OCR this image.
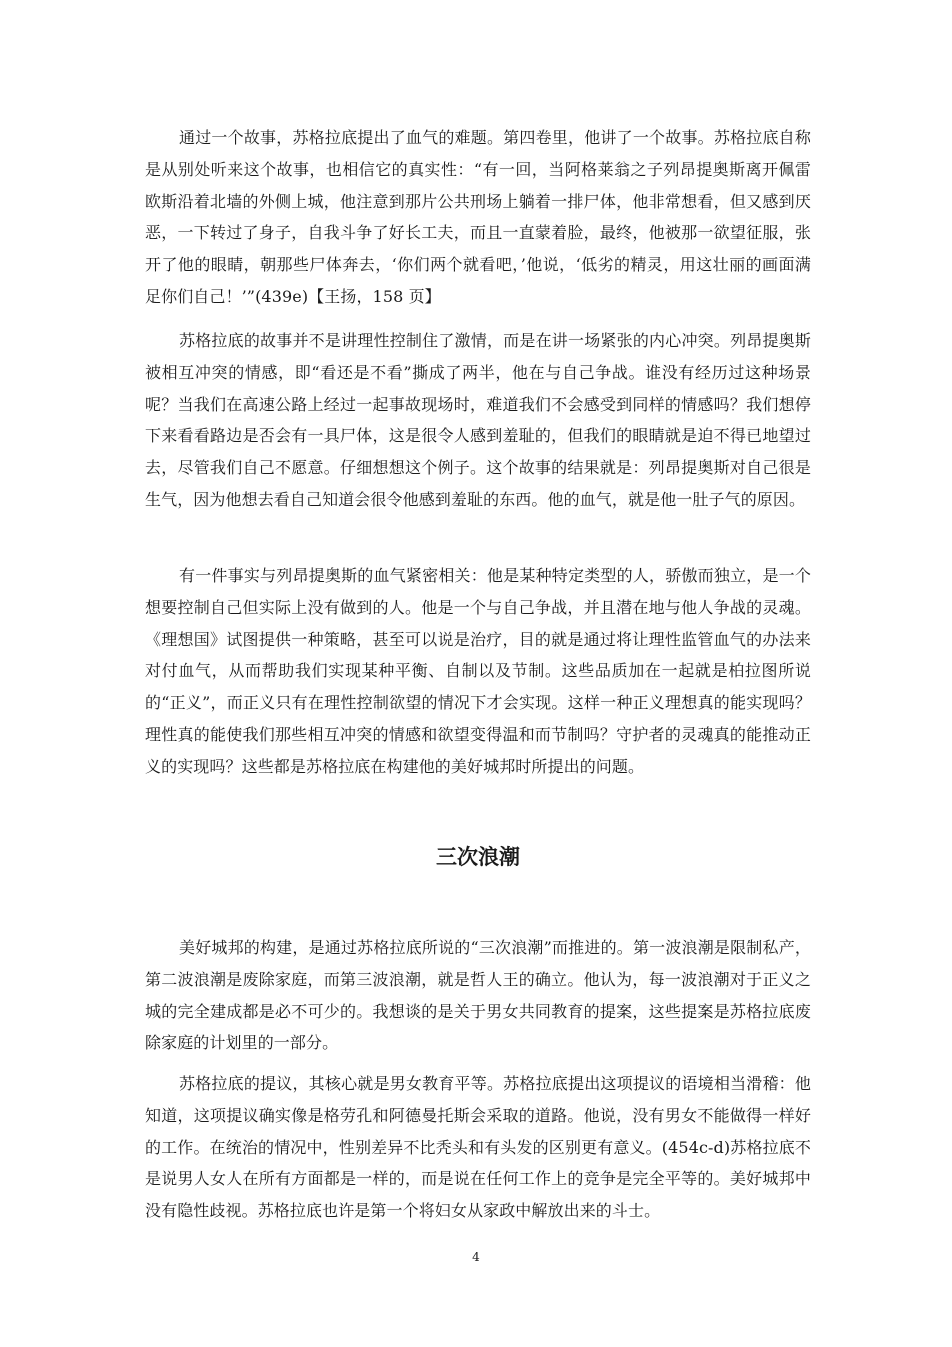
通过一个故事，苏格拉底提出了血气的难题。第四卷里，他讲了一个故事。苏格拉底自称是从别处听来这个故事，也相信它的真实性：“有一回，当阿格莱翁之子列昂提奥斯离开佩雷欧斯沿着北墙的外侧上城，他注意到那片公共刑场上躺着一排尸体，他非常想看，但又感到厌恶，一下转过了身子，自我斗争了好长工夫，而且一直蒙着脸，最终，他被那一欲望征服，张开了他的眼睛，朝那些尸体奔去，‘你们两个就看吧，’他说，‘低劣的精灵，用这壮丽的画面满足你们自己！’”(439e)【王扬，158 页】

苏格拉底的故事并不是讲理性控制住了激情，而是在讲一场紧张的内心冲突。列昂提奥斯被相互冲突的情感，即“看还是不看”撕成了两半，他在与自己争战。谁没有经历过这种场景呢？当我们在高速公路上经过一起事故现场时，难道我们不会感受到同样的情感吗？我们想停下来看看路边是否会有一具尸体，这是很令人感到羞耻的，但我们的眼睛就是迫不得已地望过去，尽管我们自己不愿意。仔细想想这个例子。这个故事的结果就是：列昂提奥斯对自己很是生气，因为他想去看自己知道会很令他感到羞耻的东西。他的血气，就是他一肚子气的原因。

有一件事实与列昂提奥斯的血气紧密相关：他是某种特定类型的人，骄傲而独立，是一个想要控制自己但实际上没有做到的人。他是一个与自己争战，并且潜在地与他人争战的灵魂。《理想国》试图提供一种策略，甚至可以说是治疗，目的就是通过将让理性监管血气的办法来对付血气，从而帮助我们实现某种平衡、自制以及节制。这些品质加在一起就是柏拉图所说的“正义”，而正义只有在理性控制欲望的情况下才会实现。这样一种正义理想真的能实现吗？理性真的能使我们那些相互冲突的情感和欲望变得温和而节制吗？守护者的灵魂真的能推动正义的实现吗？这些都是苏格拉底在构建他的美好城邦时所提出的问题。

三次浪潮

美好城邦的构建，是通过苏格拉底所说的“三次浪潮”而推进的。第一波浪潮是限制私产，第二波浪潮是废除家庭，而第三波浪潮，就是哲人王的确立。他认为，每一波浪潮对于正义之城的完全建成都是必不可少的。我想谈的是关于男女共同教育的提案，这些提案是苏格拉底废除家庭的计划里的一部分。

苏格拉底的提议，其核心就是男女教育平等。苏格拉底提出这项提议的语境相当滑稽：他知道，这项提议确实像是格劳孔和阿德曼托斯会采取的道路。他说，没有男女不能做得一样好的工作。在统治的情况中，性别差异不比秃头和有头发的区别更有意义。(454c-d)苏格拉底不是说男人女人在所有方面都是一样的，而是说在任何工作上的竞争是完全平等的。美好城邦中没有隐性歧视。苏格拉底也许是第一个将妇女从家政中解放出来的斗士。

4
